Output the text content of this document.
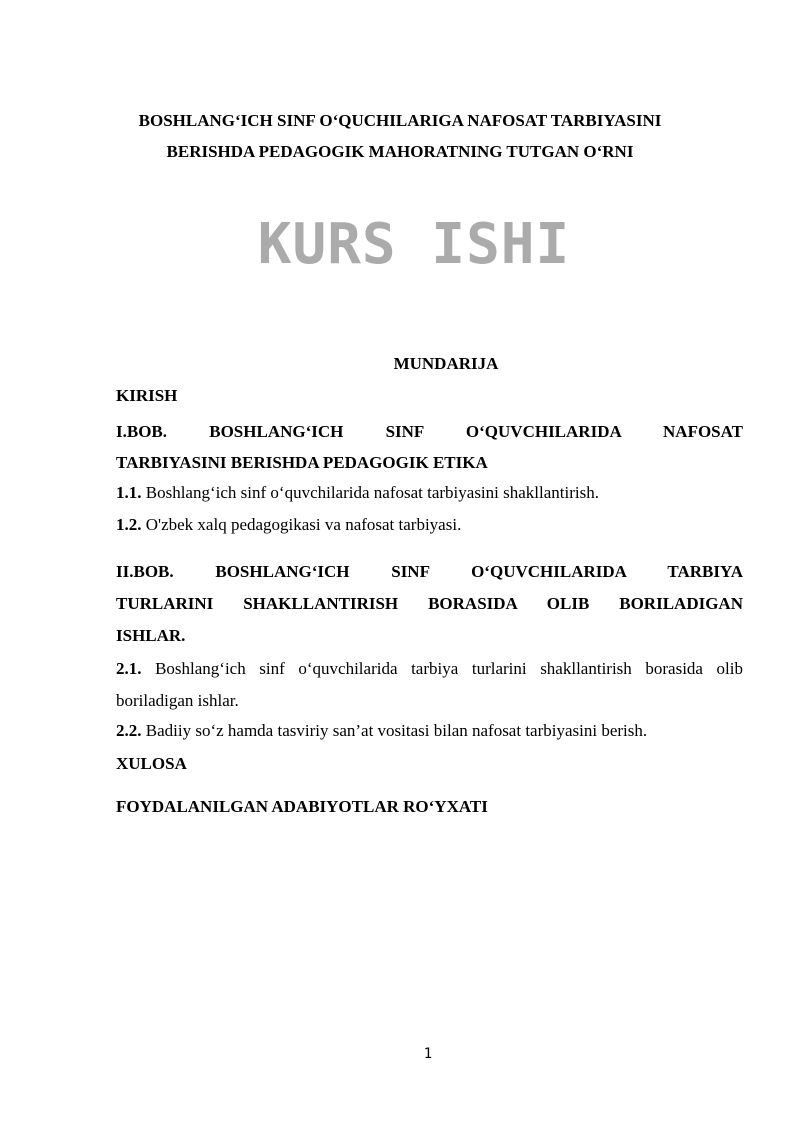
BOSHLANG‘ICH SINF O‘QUCHILARIGA NAFOSAT TARBIYASINI
BERISHDA PEDAGOGIK MAHORATNING TUTGAN O‘RNI
KURS ISHI
MUNDARIJA
KIRISH
I.BOB. BOSHLANG‘ICH SINF O‘QUVCHILARIDA NAFOSAT
TARBIYASINI BERISHDA PEDAGOGIK ETIKA
1.1. Boshlang‘ich sinf o‘quvchilarida nafosat tarbiyasini shakllantirish.
1.2. O'zbek xalq pedagogikasi va nafosat tarbiyasi.
II.BOB. BOSHLANG‘ICH SINF O‘QUVCHILARIDA TARBIYA
TURLARINI SHAKLLANTIRISH BORASIDA OLIB BORILADIGAN
ISHLAR.
2.1. Boshlang‘ich sinf o‘quvchilarida tarbiya turlarini shakllantirish borasida olib
boriladigan ishlar.
2.2. Badiiy so‘z hamda tasviriy san’at vositasi bilan nafosat tarbiyasini berish.
XULOSA
FOYDALANILGAN ADABIYOTLAR RO‘YXATI
1
